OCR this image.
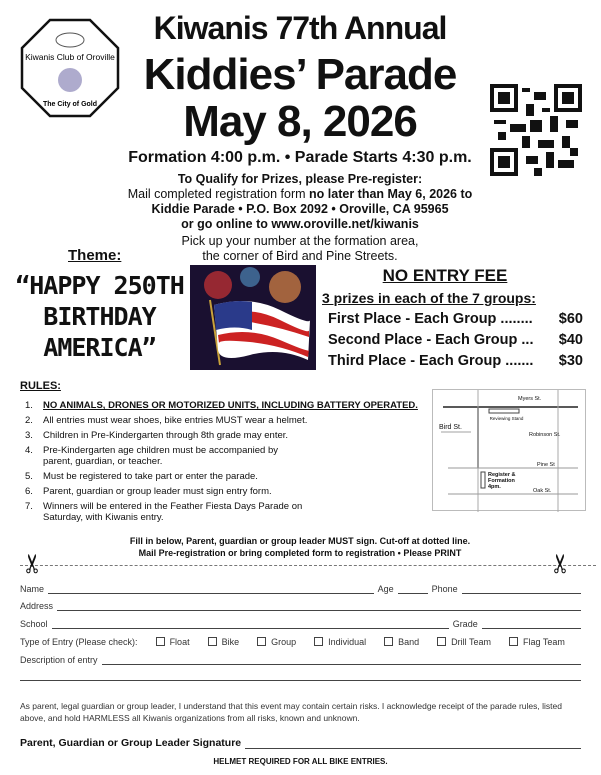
Kiwanis Club of Oroville
The City of Gold
Kiwanis 77th Annual
Kiddies’ Parade
May 8, 2026
Formation 4:00 p.m. • Parade Starts 4:30 p.m.
To Qualify for Prizes, please Pre-register:
Mail completed registration form no later than May 6, 2026 to
Kiddie Parade • P.O. Box 2092 • Oroville, CA 95965
or go online to www.oroville.net/kiwanis
Pick up your number at the formation area,
the corner of Bird and Pine Streets.
Theme:
“HAPPY 250TH
BIRTHDAY
AMERICA”
NO ENTRY FEE
3 prizes in each of the 7 groups:
First Place - Each Group ........ $60
Second Place - Each Group ... $40
Third Place - Each Group ....... $30
RULES:
1.	NO ANIMALS, DRONES OR MOTORIZED UNITS, INCLUDING BATTERY OPERATED.
2.	All entries must wear shoes, bike entries MUST wear a helmet.
3.	Children in Pre-Kindergarten through 8th grade may enter.
4.	Pre-Kindergarten age children must be accompanied by parent, guardian, or teacher.
5.	Must be registered to take part or enter the parade.
6.	Parent, guardian or group leader must sign entry form.
7.	Winners will be entered in the Feather Fiesta Days Parade on Saturday, with Kiwanis entry.
Myers St.
Reviewing Stand
Bird St.
Robinson St.
Pine St
Register & Formation 4pm.
Oak St.
Fill in below, Parent, guardian or group leader MUST sign. Cut-off at dotted line.
Mail Pre-registration or bring completed form to registration • Please PRINT
✂	✂
Name	Age	Phone
Address
School	Grade
Type of Entry (Please check):	Float	Bike	Group	Individual	Band	Drill Team	Flag Team
Description of entry
As parent, legal guardian or group leader, I understand that this event may contain certain risks. I acknowledge receipt of the parade rules, listed above, and hold HARMLESS all Kiwanis organizations from all risks, known and unknown.
Parent, Guardian or Group Leader Signature
HELMET REQUIRED FOR ALL BIKE ENTRIES.
